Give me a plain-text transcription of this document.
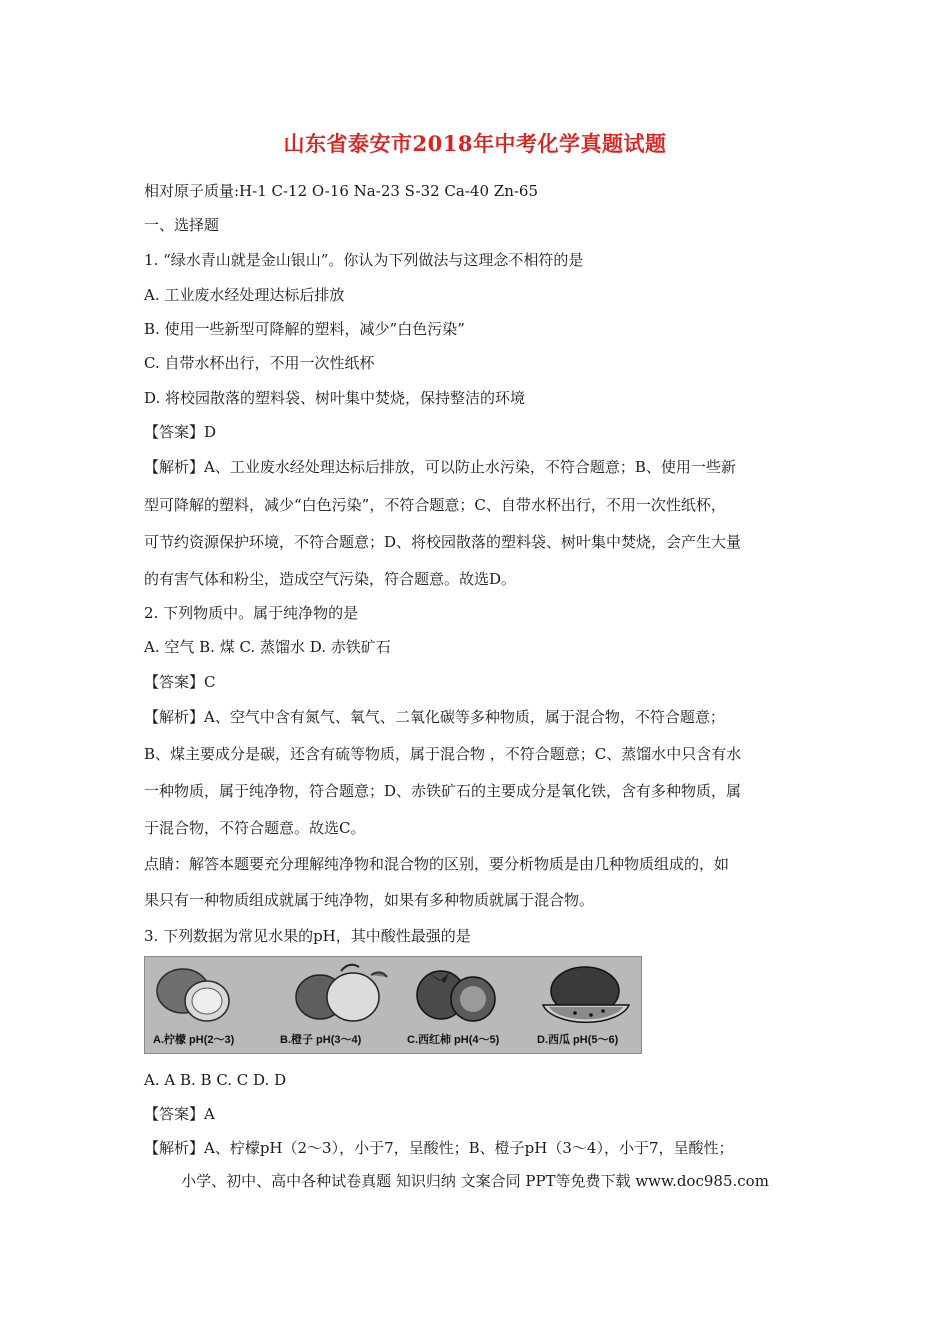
山东省泰安市2018年中考化学真题试题
相对原子质量:H-1 C-12 O-16 Na-23 S-32 Ca-40 Zn-65
一、选择题
1. “绿水青山就是金山银山”。你认为下列做法与这理念不相符的是
A. 工业废水经处理达标后排放
B. 使用一些新型可降解的塑料，减少”白色污染”
C. 自带水杯出行，不用一次性纸杯
D. 将校园散落的塑料袋、树叶集中焚烧，保持整洁的环境
【答案】D
【解析】A、工业废水经处理达标后排放，可以防止水污染，不符合题意；B、使用一些新
型可降解的塑料，减少“白色污染”，不符合题意；C、自带水杯出行，不用一次性纸杯，
可节约资源保护环境，不符合题意；D、将校园散落的塑料袋、树叶集中焚烧，会产生大量
的有害气体和粉尘，造成空气污染，符合题意。故选D。
2. 下列物质中。属于纯净物的是
A. 空气 B. 煤 C. 蒸馏水 D. 赤铁矿石
【答案】C
【解析】A、空气中含有氮气、氧气、二氧化碳等多种物质，属于混合物，不符合题意；
B、煤主要成分是碳，还含有硫等物质，属于混合物 ，不符合题意；C、蒸馏水中只含有水
一种物质，属于纯净物，符合题意；D、赤铁矿石的主要成分是氧化铁，含有多种物质，属
于混合物，不符合题意。故选C。
点睛：解答本题要充分理解纯净物和混合物的区别，要分析物质是由几种物质组成的，如
果只有一种物质组成就属于纯净物，如果有多种物质就属于混合物。
3. 下列数据为常见水果的pH，其中酸性最强的是
A.柠檬 pH(2～3)	B.橙子 pH(3～4)	C.西红柿 pH(4～5)	D.西瓜 pH(5～6)
A. A B. B C. C D. D
【答案】A
【解析】A、柠檬pH（2～3），小于7，呈酸性；B、橙子pH（3～4），小于7，呈酸性；
小学、初中、高中各种试卷真题 知识归纳 文案合同 PPT等免费下载 www.doc985.com
